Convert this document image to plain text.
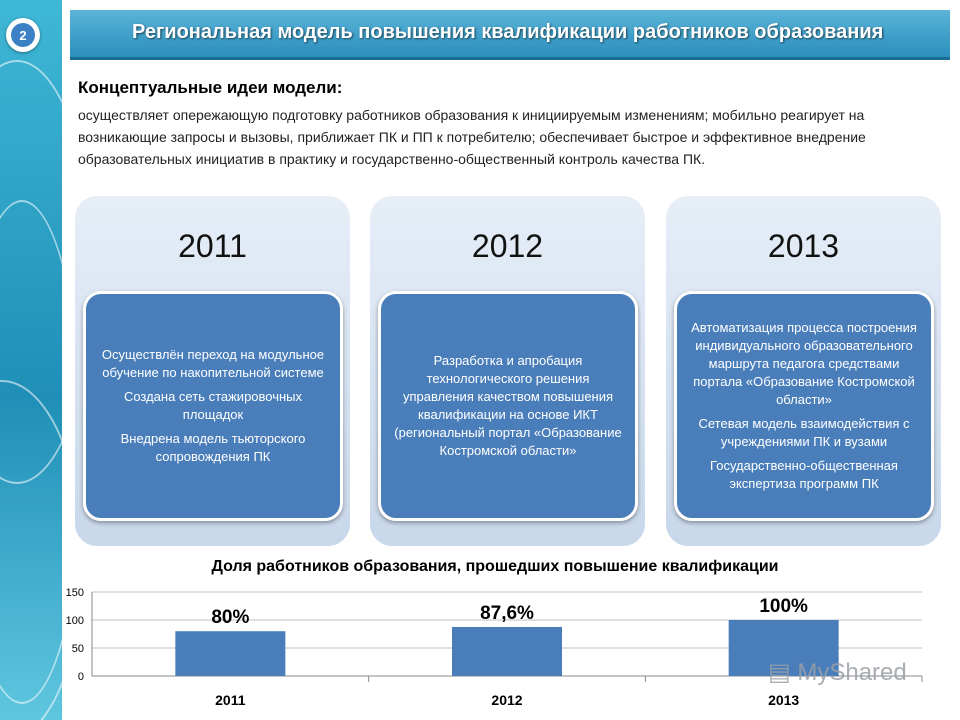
2	Региональная модель повышения квалификации работников образования
Концептуальные идеи модели:
осуществляет опережающую подготовку работников образования к инициируемым изменениям; мобильно реагирует на возникающие запросы и вызовы, приближает ПК и ПП к потребителю; обеспечивает быстрое и эффективное внедрение образовательных инициатив в практику и государственно-общественный контроль качества ПК.
2011

Осуществлён переход на модульное обучение по накопительной системе

Создана сеть стажировочных площадок

Внедрена модель тьюторского сопровождения ПК

2012

Разработка и апробация технологического решения управления качеством повышения квалификации на основе ИКТ (региональный портал «Образование Костромской области»

2013

Автоматизация процесса построения индивидуального образовательного маршрута педагога средствами портала «Образование Костромской области»

Сетевая модель взаимодействия с учреждениями ПК и вузами

Государственно-общественная экспертиза программ ПК

Доля работников образования, прошедших повышение квалификации
0
50
100
150
80%
2011
87,6%
2012
100%
2013
▤ MyShared
